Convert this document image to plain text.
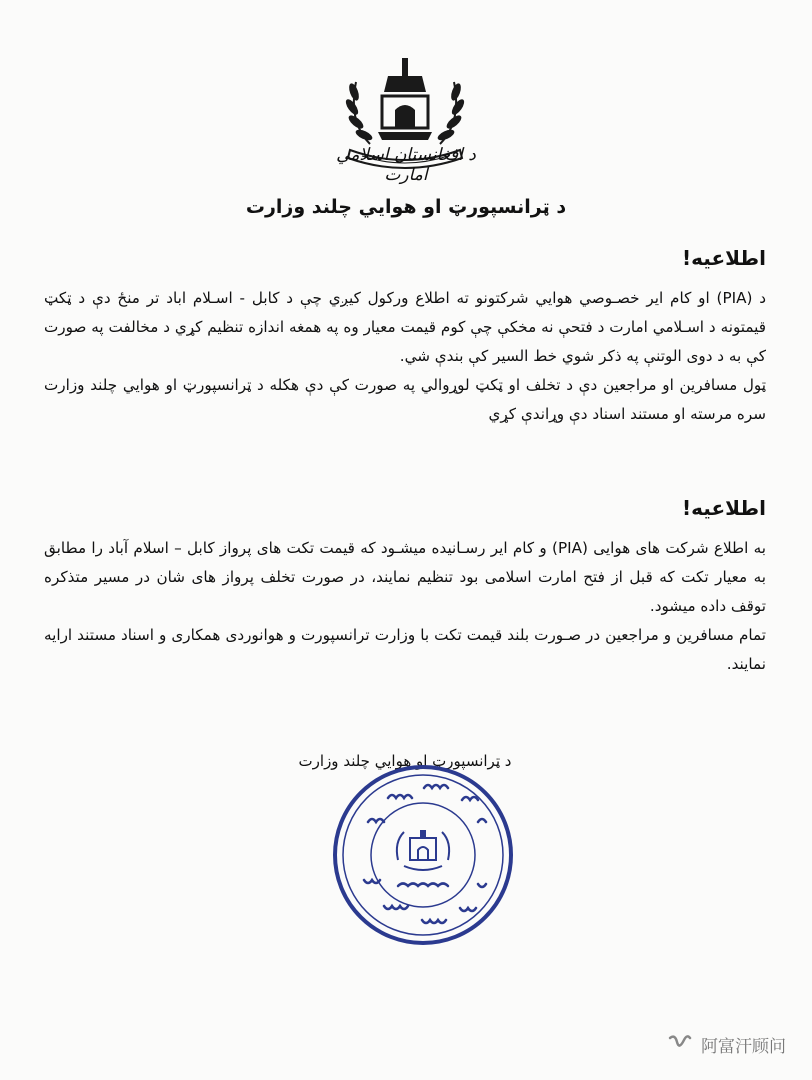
د افغانستان اسلامي امارت
د ټرانسپورټ او هوايي چلند وزارت
اطلاعیه!

د (PIA) او کام ایر خصـوصي هوايي شرکتونو ته اطلاع ورکول کیږي چې د کابل - اسـلام اباد تر منځ دې د ټکټ قیمتونه د اسـلامي امارت د فتحې نه مخکې چې کوم قیمت معیار وه په همغه اندازه تنظیم کړي د مخالفت په صورت کې به د دوی الوتنې په ذکر شوي خط السیر کې بندې شي.

ټول مسافرین او مراجعین دې د تخلف او ټکټ لوړوالي په صورت کې دې هکله د ټرانسپورټ او هوايي چلند وزارت سره مرسته او مستند اسناد دې وړاندې کړي

اطلاعیه!

به اطلاع شرکت های هوایی (PIA) و کام ایر رسـانیده میشـود که قیمت تکت های پرواز کابل – اسلام آباد را مطابق به معیار تکت که قبل از فتح امارت اسلامی بود تنظیم نمایند، در صورت تخلف پرواز های شان در مسیر متذکره توقف داده میشود.

تمام مسافرین و مراجعین در صـورت بلند قیمت تکت با وزارت ترانسپورت و هوانوردی همکاری و اسناد مستند ارایه نمایند.

د ټرانسپورټ او هوايي چلند وزارت
阿富汗顾问
